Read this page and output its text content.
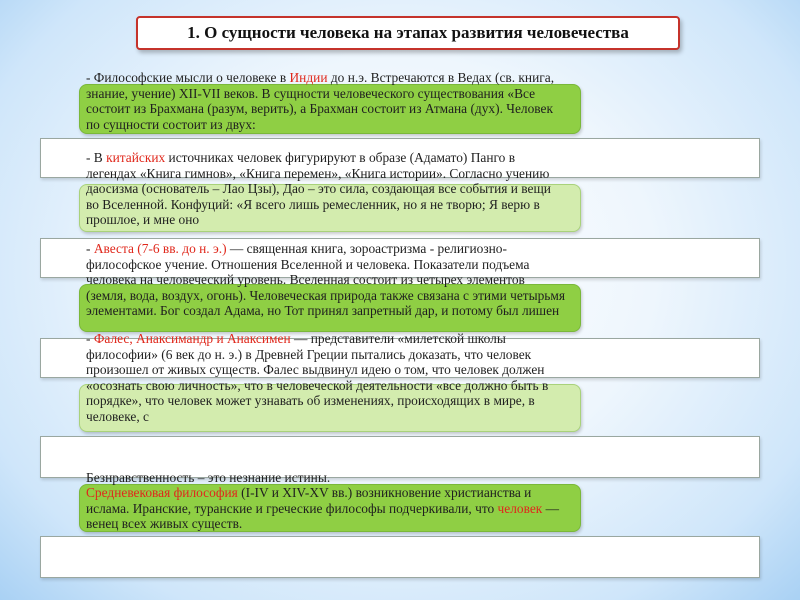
1. О сущности человека на этапах развития человечества
- Философские мысли о человеке в Индии до н.э. Встречаются в Ведах (св. книга, знание, учение) XII-VII веков. В сущности человеческого существования «Все состоит из Брахмана (разум, верить), а Брахман состоит из Атмана (дух). Человек по сущности состоит из двух:
- В китайских источниках человек фигурируют в образе (Адамато) Панго в легендах «Книга гимнов», «Книга перемен», «Книга истории». Согласно учению даосизма (основатель – Лао Цзы), Дао – это сила, создающая все события и вещи во Вселенной. Конфуций: «Я всего лишь ремесленник, но я не творю; Я верю в прошлое, и мне оно
- Авеста (7-6 вв. до н. э.) — священная книга, зороастризма - религиозно-философское учение. Отношения Вселенной и человека. Показатели подъема человека на человеческий уровень. Вселенная состоит из четырех элементов (земля, вода, воздух, огонь). Человеческая природа также связана с этими четырьмя элементами. Бог создал Адама, но Тот принял запретный дар, и потому был лишен
- Фалес, Анаксимандр и Анаксимен — представители «милетской школы философии» (6 век до н. э.) в Древней Греции пытались доказать, что человек произошел от живых существ. Фалес выдвинул идею о том, что человек должен «осознать свою личность», что в человеческой деятельности «все должно быть в порядке», что человек может узнавать об изменениях, происходящих в мире, в человеке, с
Безнравственность – это незнание истины.
Средневековая философия (I-IV и XIV-XV вв.) возникновение христианства и ислама. Иранские, туранские и греческие философы подчеркивали, что человек — венец всех живых существ.
